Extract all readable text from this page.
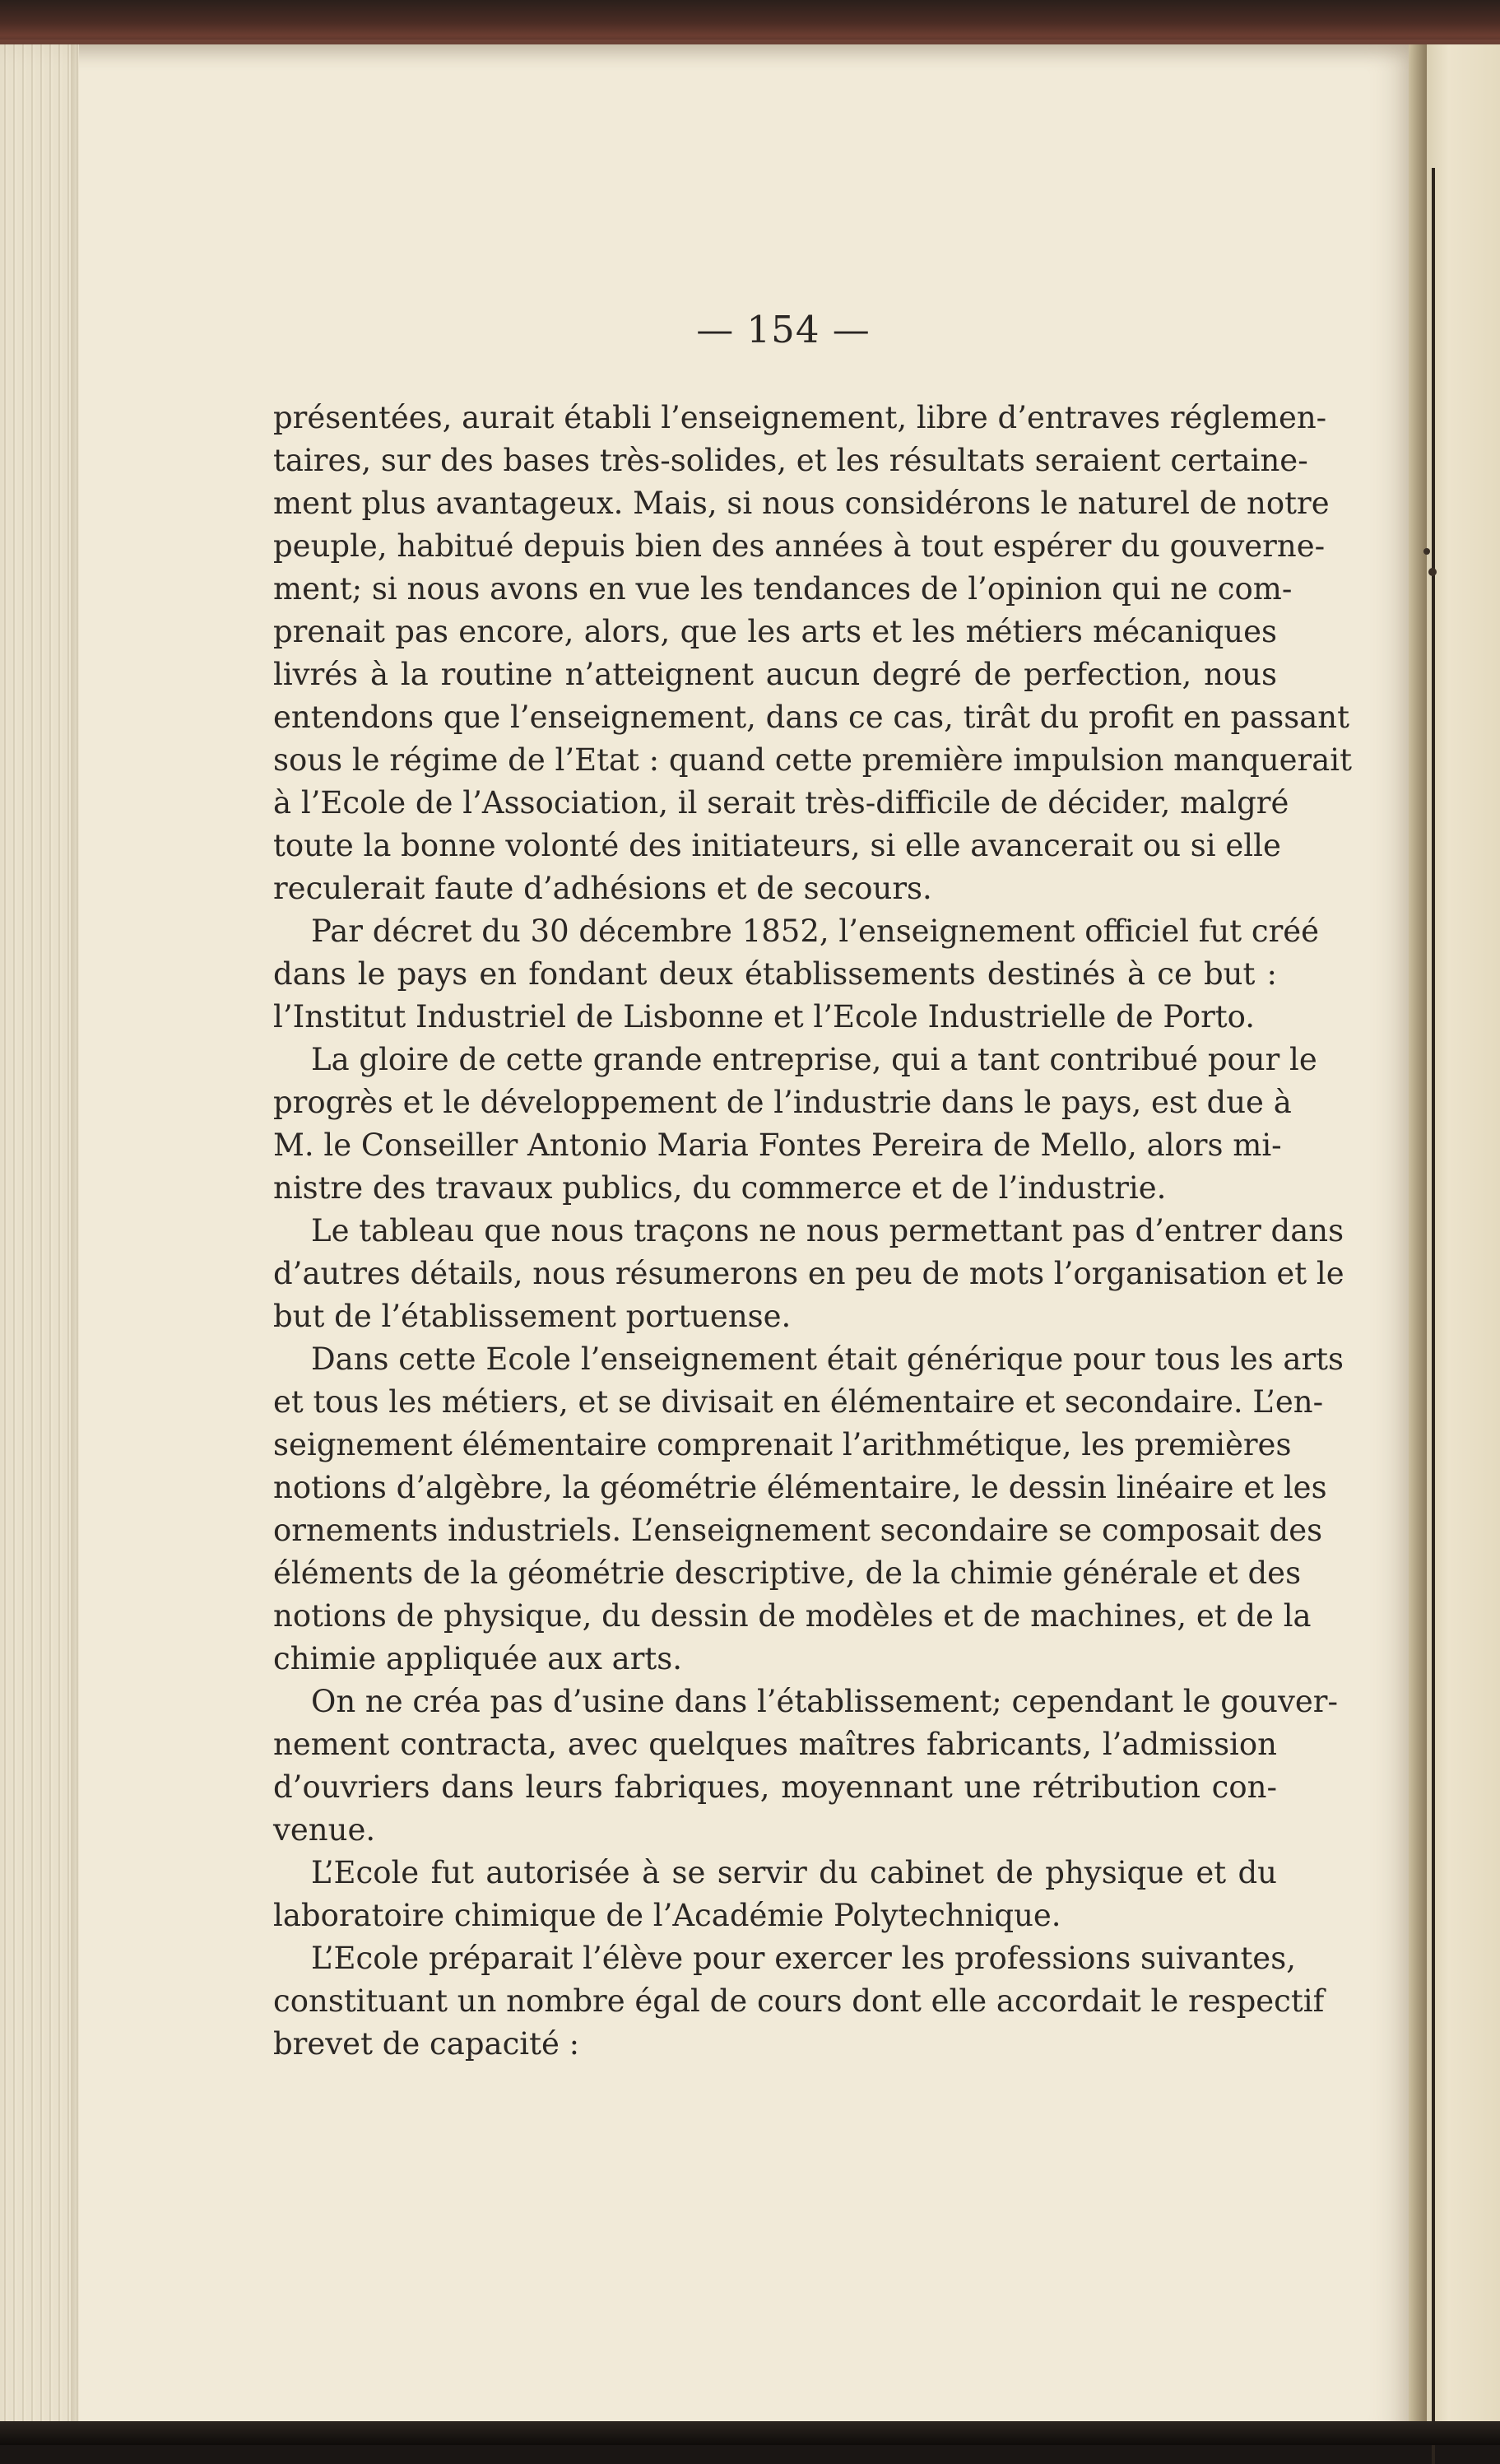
— 154 —
présentées, aurait établi l’enseignement, libre d’entraves réglemen-
taires, sur des bases très-solides, et les résultats seraient certaine-
ment plus avantageux. Mais, si nous considérons le naturel de notre
peuple, habitué depuis bien des années à tout espérer du gouverne-
ment; si nous avons en vue les tendances de l’opinion qui ne com-
prenait pas encore, alors, que les arts et les métiers mécaniques
livrés à la routine n’atteignent aucun degré de perfection, nous
entendons que l’enseignement, dans ce cas, tirât du profit en passant
sous le régime de l’Etat : quand cette première impulsion manquerait
à l’Ecole de l’Association, il serait très-difficile de décider, malgré
toute la bonne volonté des initiateurs, si elle avancerait ou si elle
reculerait faute d’adhésions et de secours.
Par décret du 30 décembre 1852, l’enseignement officiel fut créé
dans le pays en fondant deux établissements destinés à ce but :
l’Institut Industriel de Lisbonne et l’Ecole Industrielle de Porto.
La gloire de cette grande entreprise, qui a tant contribué pour le
progrès et le développement de l’industrie dans le pays, est due à
M. le Conseiller Antonio Maria Fontes Pereira de Mello, alors mi-
nistre des travaux publics, du commerce et de l’industrie.
Le tableau que nous traçons ne nous permettant pas d’entrer dans
d’autres détails, nous résumerons en peu de mots l’organisation et le
but de l’établissement portuense.
Dans cette Ecole l’enseignement était générique pour tous les arts
et tous les métiers, et se divisait en élémentaire et secondaire. L’en-
seignement élémentaire comprenait l’arithmétique, les premières
notions d’algèbre, la géométrie élémentaire, le dessin linéaire et les
ornements industriels. L’enseignement secondaire se composait des
éléments de la géométrie descriptive, de la chimie générale et des
notions de physique, du dessin de modèles et de machines, et de la
chimie appliquée aux arts.
On ne créa pas d’usine dans l’établissement; cependant le gouver-
nement contracta, avec quelques maîtres fabricants, l’admission
d’ouvriers dans leurs fabriques, moyennant une rétribution con-
venue.
L’Ecole fut autorisée à se servir du cabinet de physique et du
laboratoire chimique de l’Académie Polytechnique.
L’Ecole préparait l’élève pour exercer les professions suivantes,
constituant un nombre égal de cours dont elle accordait le respectif
brevet de capacité :
